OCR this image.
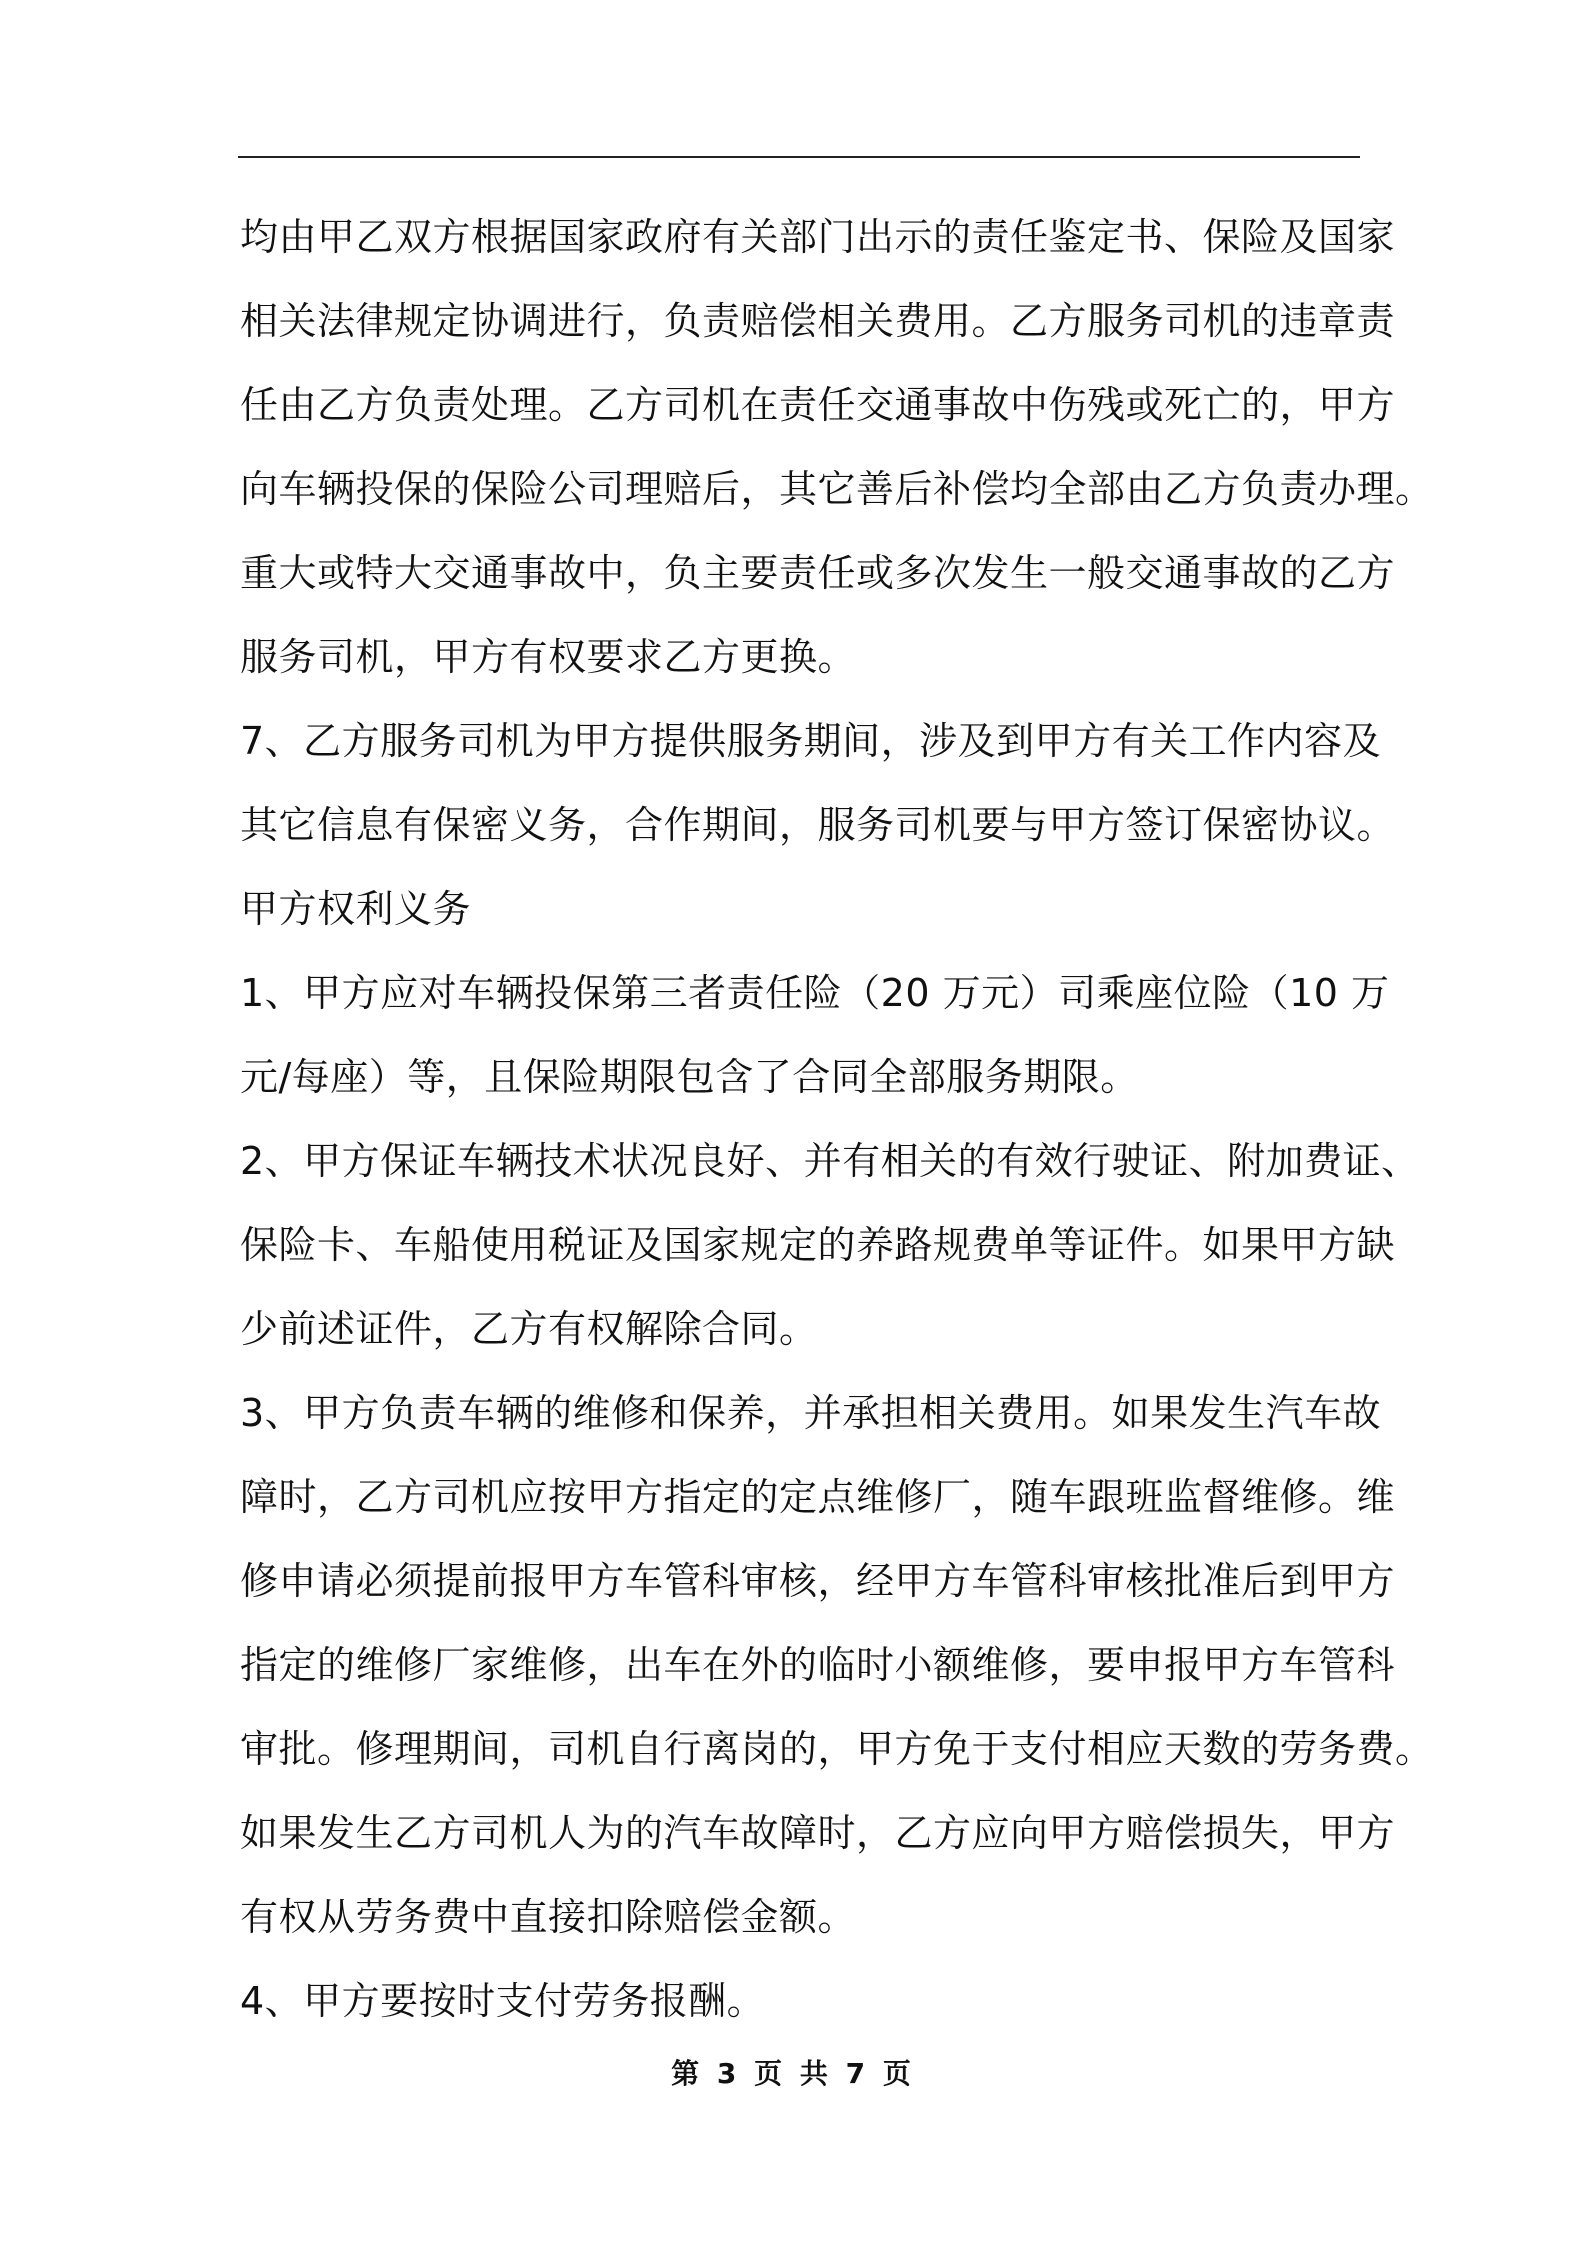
均由甲乙双方根据国家政府有关部门出示的责任鉴定书、保险及国家
相关法律规定协调进行，负责赔偿相关费用。乙方服务司机的违章责
任由乙方负责处理。乙方司机在责任交通事故中伤残或死亡的，甲方
向车辆投保的保险公司理赔后，其它善后补偿均全部由乙方负责办理。
重大或特大交通事故中，负主要责任或多次发生一般交通事故的乙方
服务司机，甲方有权要求乙方更换。
7、乙方服务司机为甲方提供服务期间，涉及到甲方有关工作内容及
其它信息有保密义务，合作期间，服务司机要与甲方签订保密协议。
甲方权利义务
1、甲方应对车辆投保第三者责任险（20 万元）司乘座位险（10 万
元/每座）等，且保险期限包含了合同全部服务期限。
2、甲方保证车辆技术状况良好、并有相关的有效行驶证、附加费证、
保险卡、车船使用税证及国家规定的养路规费单等证件。如果甲方缺
少前述证件，乙方有权解除合同。
3、甲方负责车辆的维修和保养，并承担相关费用。如果发生汽车故
障时，乙方司机应按甲方指定的定点维修厂，随车跟班监督维修。维
修申请必须提前报甲方车管科审核，经甲方车管科审核批准后到甲方
指定的维修厂家维修，出车在外的临时小额维修，要申报甲方车管科
审批。修理期间，司机自行离岗的，甲方免于支付相应天数的劳务费。
如果发生乙方司机人为的汽车故障时，乙方应向甲方赔偿损失，甲方
有权从劳务费中直接扣除赔偿金额。
4、甲方要按时支付劳务报酬。
第 3 页 共 7 页
